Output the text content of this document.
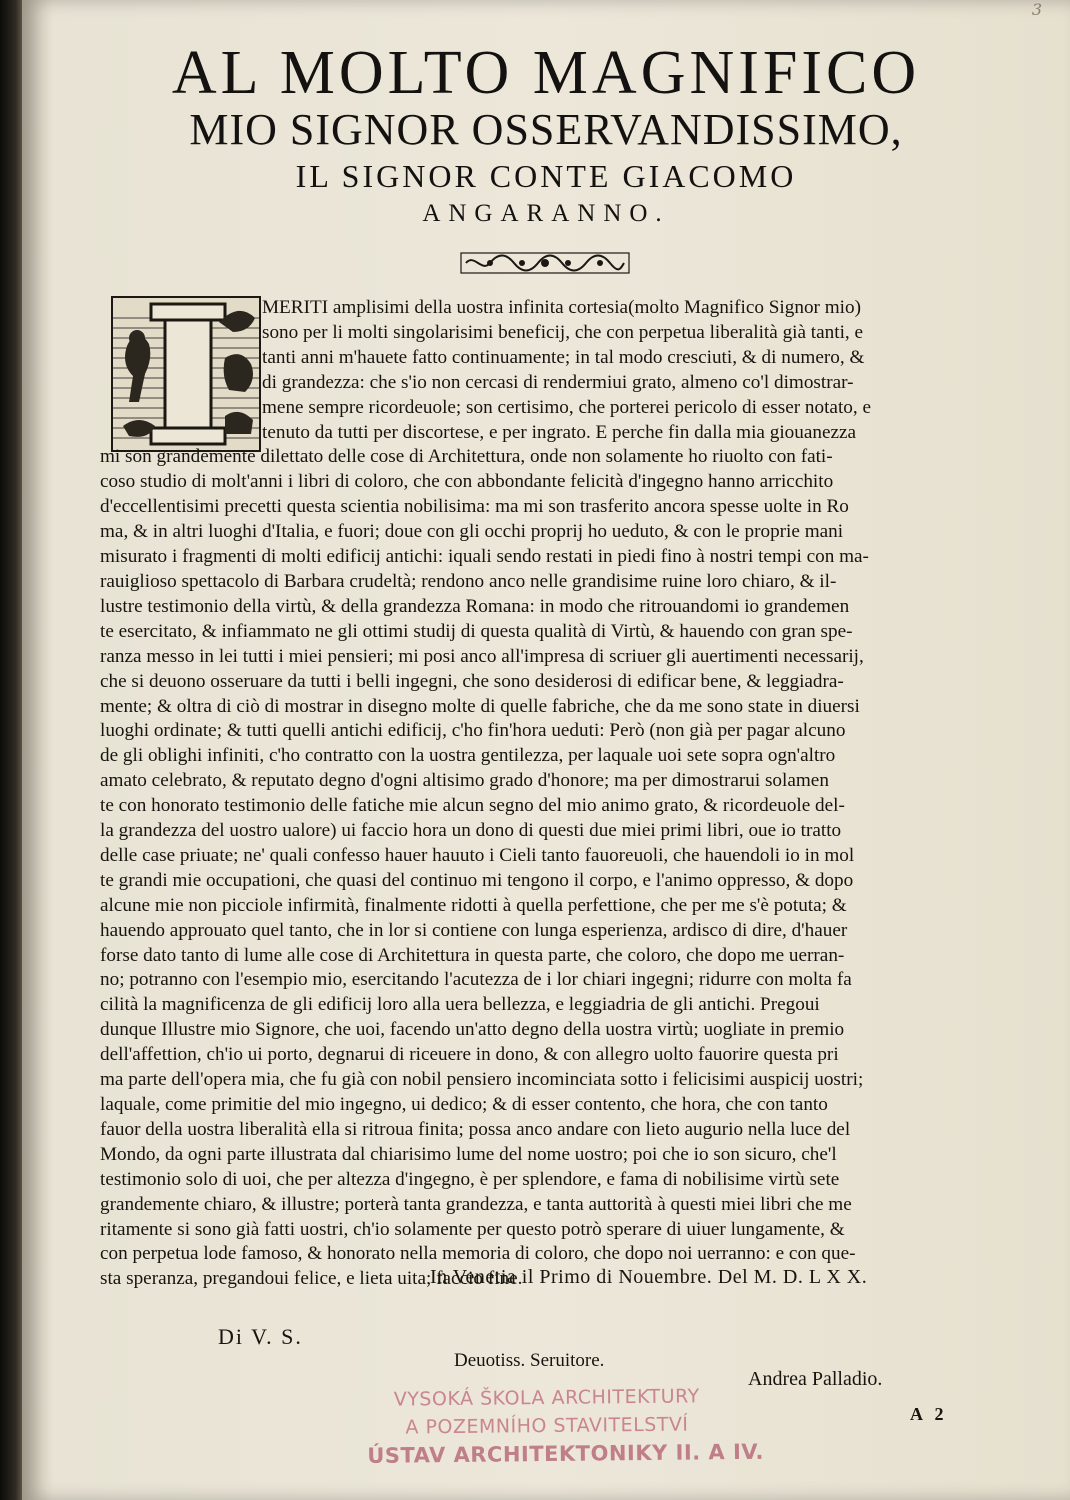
3
AL MOLTO MAGNIFICO
MIO SIGNOR OSSERVANDISSIMO,
IL SIGNOR CONTE GIACOMO
ANGARANNO.
MERITI amplisimi della uostra infinita cortesia(molto Magnifico Signor mio)
sono per li molti singolarisimi beneficij, che con perpetua liberalità già tanti, e
tanti anni m'hauete fatto continuamente; in tal modo cresciuti, & di numero, &
di grandezza: che s'io non cercasi di rendermiui grato, almeno co'l dimostrar-
mene sempre ricordeuole; son certisimo, che porterei pericolo di esser notato, e
tenuto da tutti per discortese, e per ingrato. E perche fin dalla mia giouanezza
mi son grandemente dilettato delle cose di Architettura, onde non solamente ho riuolto con fati-
coso studio di molt'anni i libri di coloro, che con abbondante felicità d'ingegno hanno arricchito
d'eccellentisimi precetti questa scientia nobilisima: ma mi son trasferito ancora spesse uolte in Ro
ma, & in altri luoghi d'Italia, e fuori; doue con gli occhi proprij ho ueduto, & con le proprie mani
misurato i fragmenti di molti edificij antichi: iquali sendo restati in piedi fino à nostri tempi con ma-
rauiglioso spettacolo di Barbara crudeltà; rendono anco nelle grandisime ruine loro chiaro, & il-
lustre testimonio della virtù, & della grandezza Romana: in modo che ritrouandomi io grandemen
te esercitato, & infiammato ne gli ottimi studij di questa qualità di Virtù, & hauendo con gran spe-
ranza messo in lei tutti i miei pensieri; mi posi anco all'impresa di scriuer gli auertimenti necessarij,
che si deuono osseruare da tutti i belli ingegni, che sono desiderosi di edificar bene, & leggiadra-
mente; & oltra di ciò di mostrar in disegno molte di quelle fabriche, che da me sono state in diuersi
luoghi ordinate; & tutti quelli antichi edificij, c'ho fin'hora ueduti: Però (non già per pagar alcuno
de gli oblighi infiniti, c'ho contratto con la uostra gentilezza, per laquale uoi sete sopra ogn'altro
amato celebrato, & reputato degno d'ogni altisimo grado d'honore; ma per dimostrarui solamen
te con honorato testimonio delle fatiche mie alcun segno del mio animo grato, & ricordeuole del-
la grandezza del uostro ualore) ui faccio hora un dono di questi due miei primi libri, oue io tratto
delle case priuate; ne' quali confesso hauer hauuto i Cieli tanto fauoreuoli, che hauendoli io in mol
te grandi mie occupationi, che quasi del continuo mi tengono il corpo, e l'animo oppresso, & dopo
alcune mie non picciole infirmità, finalmente ridotti à quella perfettione, che per me s'è potuta; &
hauendo approuato quel tanto, che in lor si contiene con lunga esperienza, ardisco di dire, d'hauer
forse dato tanto di lume alle cose di Architettura in questa parte, che coloro, che dopo me uerran-
no; potranno con l'esempio mio, esercitando l'acutezza de i lor chiari ingegni; ridurre con molta fa
cilità la magnificenza de gli edificij loro alla uera bellezza, e leggiadria de gli antichi. Pregoui
dunque Illustre mio Signore, che uoi, facendo un'atto degno della uostra virtù; uogliate in premio
dell'affettion, ch'io ui porto, degnarui di riceuere in dono, & con allegro uolto fauorire questa pri
ma parte dell'opera mia, che fu già con nobil pensiero incominciata sotto i felicisimi auspicij uostri;
laquale, come primitie del mio ingegno, ui dedico; & di esser contento, che hora, che con tanto
fauor della uostra liberalità ella si ritroua finita; possa anco andare con lieto augurio nella luce del
Mondo, da ogni parte illustrata dal chiarisimo lume del nome uostro; poi che io son sicuro, che'l
testimonio solo di uoi, che per altezza d'ingegno, è per splendore, e fama di nobilisime virtù sete
grandemente chiaro, & illustre; porterà tanta grandezza, e tanta auttorità à questi miei libri che me
ritamente si sono già fatti uostri, ch'io solamente per questo potrò sperare di uiuer lungamente, &
con perpetua lode famoso, & honorato nella memoria di coloro, che dopo noi uerranno: e con que-
sta speranza, pregandoui felice, e lieta uita; faccio fine.
In Venetia il Primo di Nouembre. Del M. D. L X X.
Di V. S.
Deuotiss. Seruitore.
Andrea Palladio.
A 2
VYSOKÁ ŠKOLA ARCHITEKTURY
A POZEMNÍHO STAVITELSTVÍ
ÚSTAV ARCHITEKTONIKY II. A IV.
